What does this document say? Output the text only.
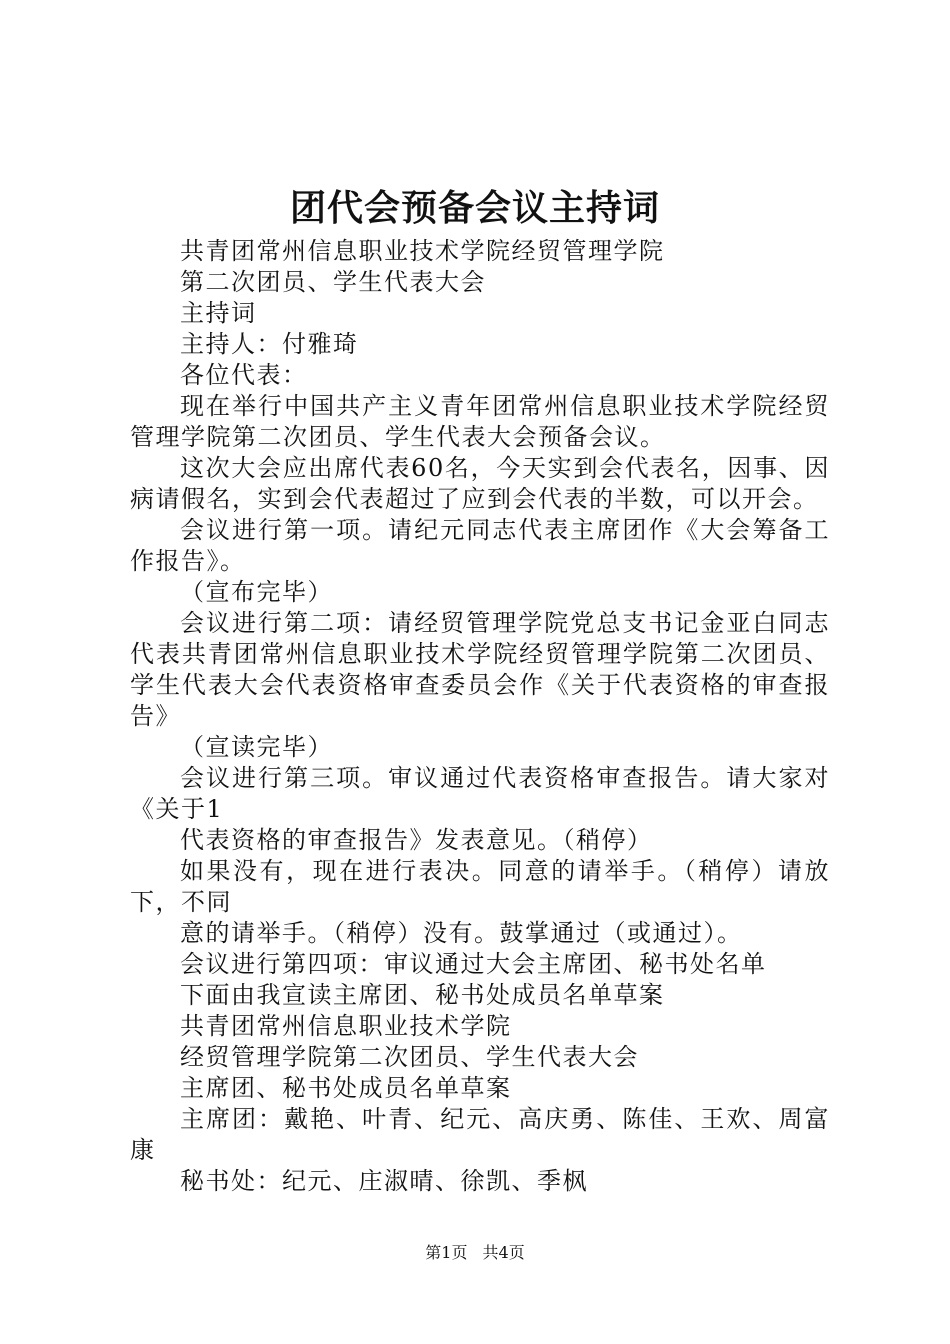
团代会预备会议主持词

共青团常州信息职业技术学院经贸管理学院

第二次团员、学生代表大会

主持词

主持人：付雅琦

各位代表：

现在举行中国共产主义青年团常州信息职业技术学院经贸管理学院第二次团员、学生代表大会预备会议。

这次大会应出席代表60名，今天实到会代表名，因事、因病请假名，实到会代表超过了应到会代表的半数，可以开会。

会议进行第一项。请纪元同志代表主席团作《大会筹备工作报告》。

（宣布完毕）

会议进行第二项：请经贸管理学院党总支书记金亚白同志代表共青团常州信息职业技术学院经贸管理学院第二次团员、学生代表大会代表资格审查委员会作《关于代表资格的审查报告》

（宣读完毕）

会议进行第三项。审议通过代表资格审查报告。请大家对《关于1

代表资格的审查报告》发表意见。（稍停）

如果没有，现在进行表决。同意的请举手。（稍停）请放下，不同

意的请举手。（稍停）没有。鼓掌通过（或通过）。

会议进行第四项：审议通过大会主席团、秘书处名单

下面由我宣读主席团、秘书处成员名单草案

共青团常州信息职业技术学院

经贸管理学院第二次团员、学生代表大会

主席团、秘书处成员名单草案

主席团：戴艳、叶青、纪元、高庆勇、陈佳、王欢、周富康

秘书处：纪元、庄淑晴、徐凯、季枫

第1页 共4页
